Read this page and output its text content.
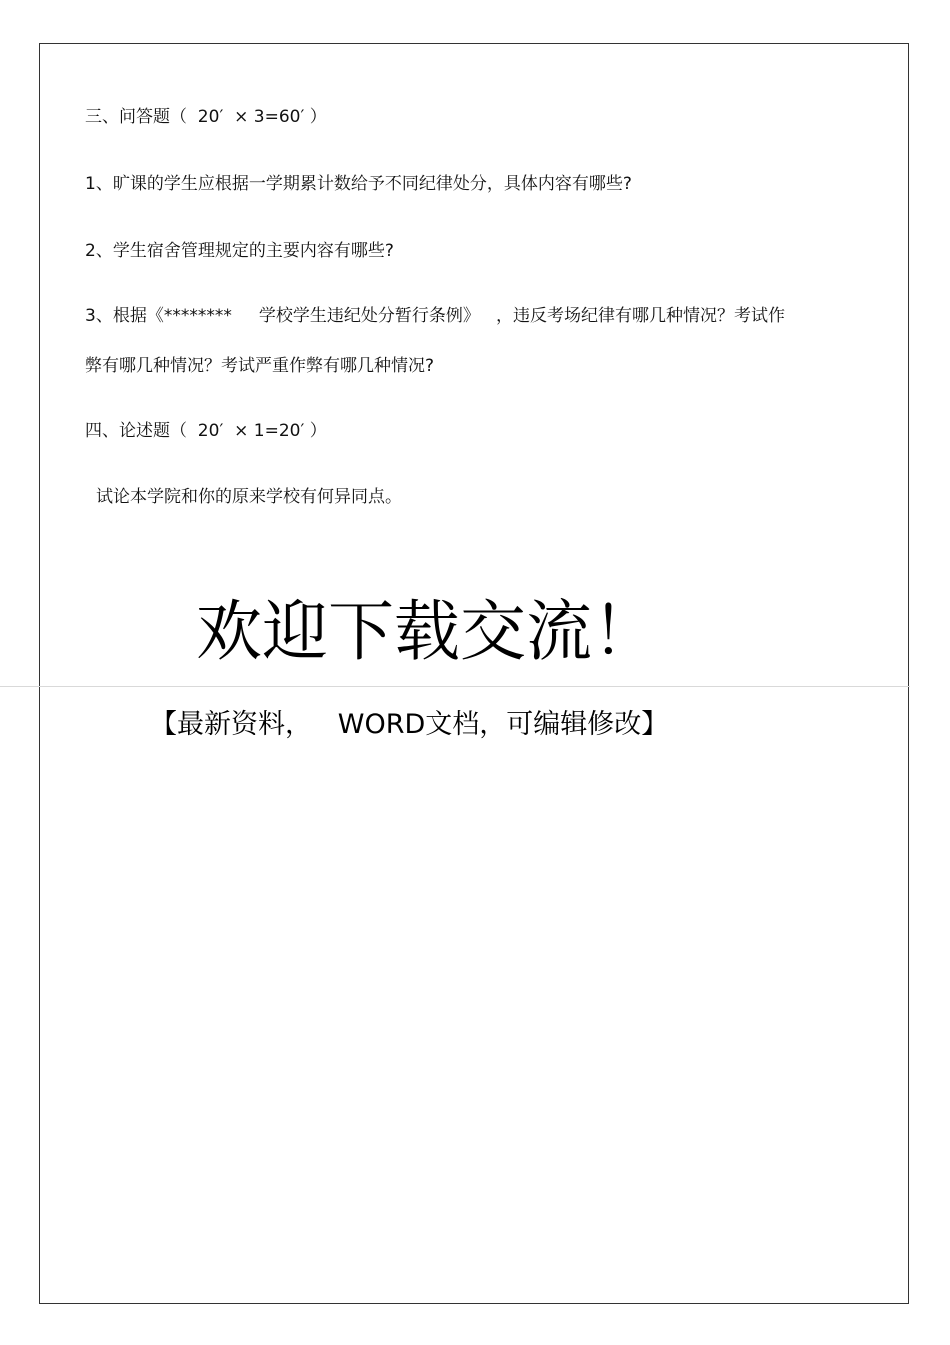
三、问答题（  20′  × 3=60′ ）
1、旷课的学生应根据一学期累计数给予不同纪律处分，具体内容有哪些?
2、学生宿舍管理规定的主要内容有哪些?
3、根据《********     学校学生违纪处分暂行条例》   ，违反考场纪律有哪几种情况？考试作
弊有哪几种情况？考试严重作弊有哪几种情况?
四、论述题（  20′  × 1=20′ ）
试论本学院和你的原来学校有何异同点。
欢迎下载交流！
【最新资料，   WORD文档，可编辑修改】
